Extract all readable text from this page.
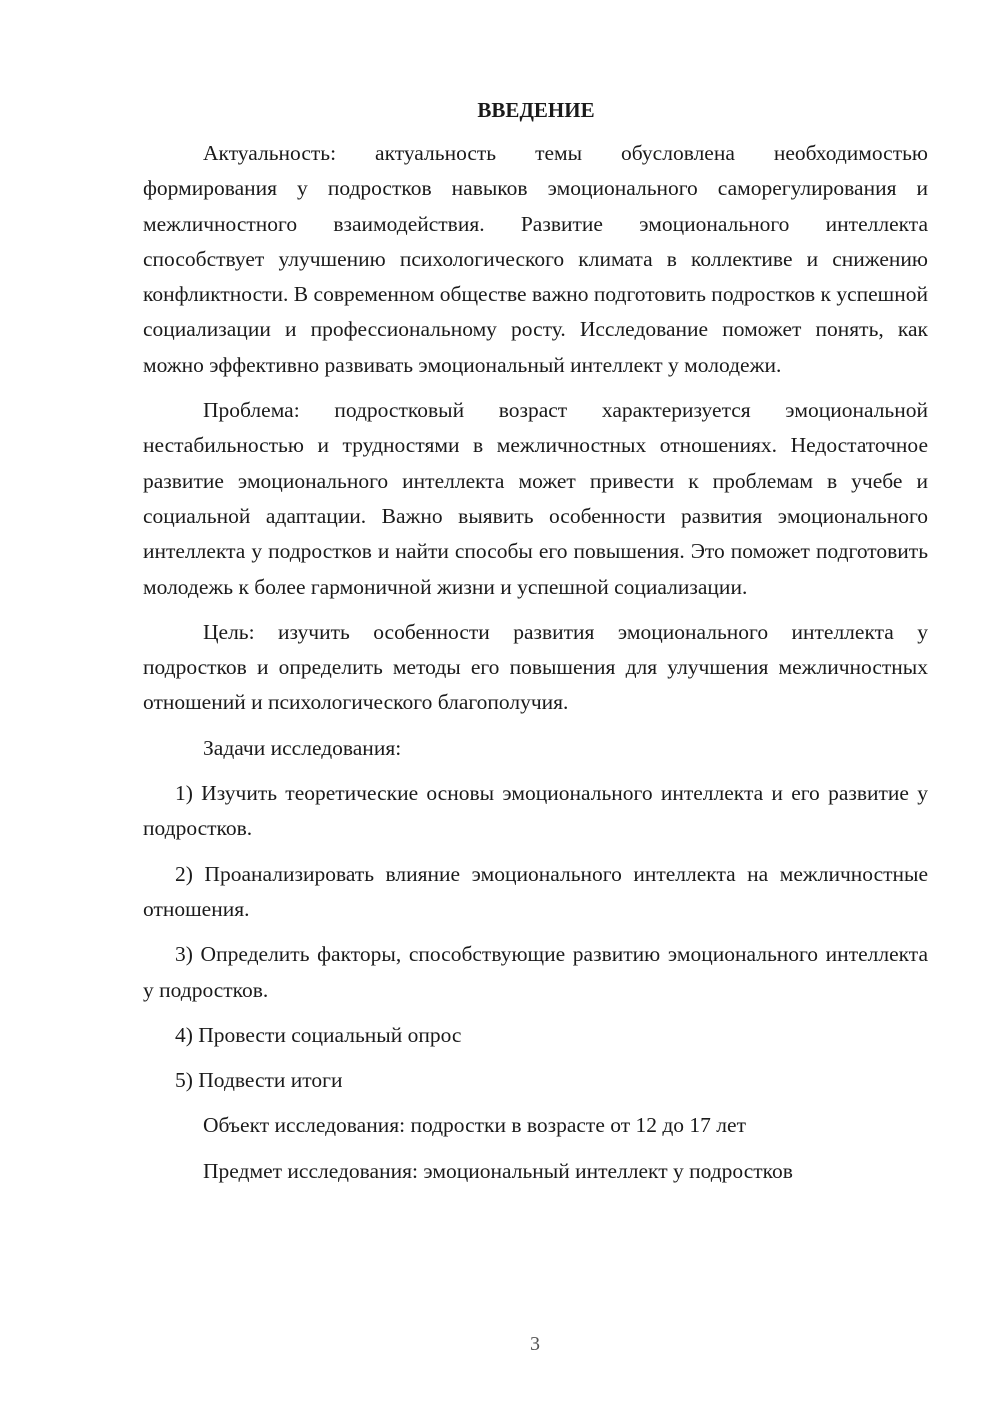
ВВЕДЕНИЕ

Актуальность: актуальность темы обусловлена необходимостью формирования у подростков навыков эмоционального саморегулирования и межличностного взаимодействия. Развитие эмоционального интеллекта способствует улучшению психологического климата в коллективе и снижению конфликтности. В современном обществе важно подготовить подростков к успешной социализации и профессиональному росту. Исследование поможет понять, как можно эффективно развивать эмоциональный интеллект у молодежи.

Проблема: подростковый возраст характеризуется эмоциональной нестабильностью и трудностями в межличностных отношениях. Недостаточное развитие эмоционального интеллекта может привести к проблемам в учебе и социальной адаптации. Важно выявить особенности развития эмоционального интеллекта у подростков и найти способы его повышения. Это поможет подготовить молодежь к более гармоничной жизни и успешной социализации.

Цель: изучить особенности развития эмоционального интеллекта у подростков и определить методы его повышения для улучшения межличностных отношений и психологического благополучия.

Задачи исследования:

1) Изучить теоретические основы эмоционального интеллекта и его развитие у подростков.

2) Проанализировать влияние эмоционального интеллекта на межличностные отношения.

3) Определить факторы, способствующие развитию эмоционального интеллекта у подростков.

4) Провести социальный опрос

5) Подвести итоги

Объект исследования: подростки в возрасте от 12 до 17 лет

Предмет исследования: эмоциональный интеллект у подростков

3
